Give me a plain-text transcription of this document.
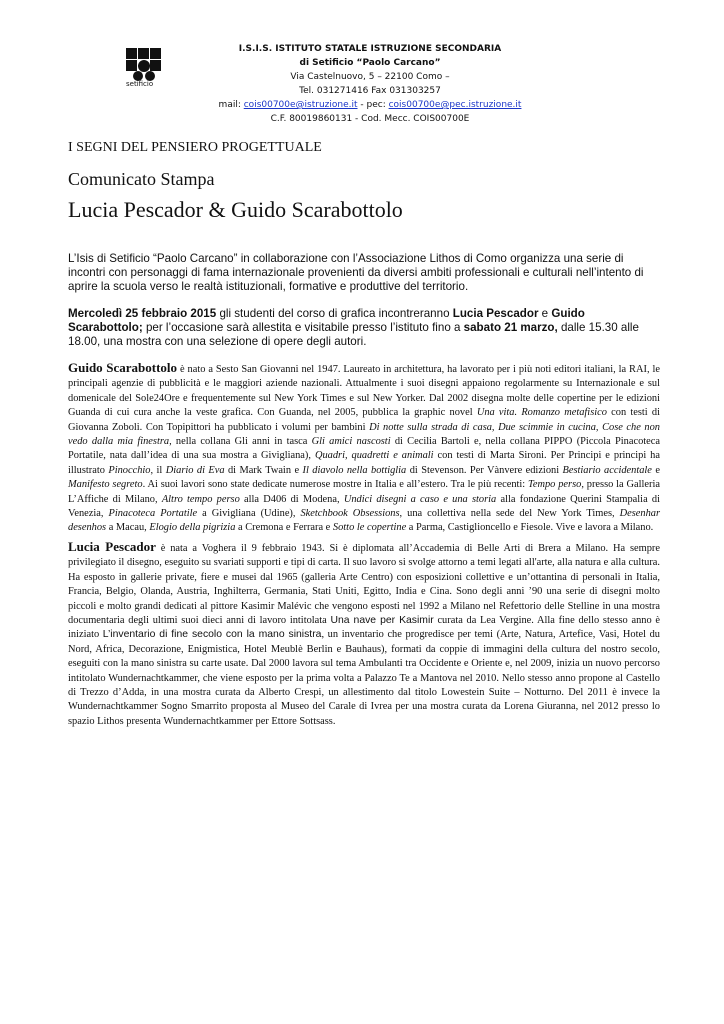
setificio
I.S.I.S. ISTITUTO STATALE ISTRUZIONE SECONDARIA
di Setificio “Paolo Carcano”
Via Castelnuovo, 5 – 22100 Como –
Tel. 031271416 Fax 031303257
mail: cois00700e@istruzione.it - pec: cois00700e@pec.istruzione.it
C.F. 80019860131 - Cod. Mecc. COIS00700E
I SEGNI DEL PENSIERO PROGETTUALE
Comunicato Stampa
Lucia Pescador & Guido Scarabottolo
L’Isis di Setificio “Paolo Carcano” in collaborazione con l’Associazione Lithos di Como organizza una serie di incontri con personaggi di fama internazionale provenienti da diversi ambiti professionali e culturali nell’intento di aprire la scuola verso le realtà istituzionali, formative e produttive del territorio.
Mercoledì 25 febbraio 2015 gli studenti del corso di grafica incontreranno Lucia Pescador e Guido Scarabottolo; per l’occasione sarà allestita e visitabile presso l’istituto fino a sabato 21 marzo, dalle 15.30 alle 18.00, una mostra con una selezione di opere degli autori.
Guido Scarabottolo è nato a Sesto San Giovanni nel 1947. Laureato in architettura, ha lavorato per i più noti editori italiani, la RAI, le principali agenzie di pubblicità e le maggiori aziende nazionali. Attualmente i suoi disegni appaiono regolarmente su Internazionale e sul domenicale del Sole24Ore e frequentemente sul New York Times e sul New Yorker. Dal 2002 disegna molte delle copertine per le edizioni Guanda di cui cura anche la veste grafica. Con Guanda, nel 2005, pubblica la graphic novel Una vita. Romanzo metafisico con testi di Giovanna Zoboli. Con Topipittori ha pubblicato i volumi per bambini Di notte sulla strada di casa, Due scimmie in cucina, Cose che non vedo dalla mia finestra, nella collana Gli anni in tasca Gli amici nascosti di Cecilia Bartoli e, nella collana PIPPO (Piccola Pinacoteca Portatile, nata dall’idea di una sua mostra a Givigliana), Quadri, quadretti e animali con testi di Marta Sironi. Per Principi e principi ha illustrato Pinocchio, il Diario di Eva di Mark Twain e Il diavolo nella bottiglia di Stevenson. Per Vànvere edizioni Bestiario accidentale e Manifesto segreto. Ai suoi lavori sono state dedicate numerose mostre in Italia e all’estero. Tra le più recenti: Tempo perso, presso la Galleria L’Affiche di Milano, Altro tempo perso alla D406 di Modena, Undici disegni a caso e una storia alla fondazione Querini Stampalia di Venezia, Pinacoteca Portatile a Givigliana (Udine), Sketchbook Obsessions, una collettiva nella sede del New York Times, Desenhar desenhos a Macau, Elogio della pigrizia a Cremona e Ferrara e Sotto le copertine a Parma, Castiglioncello e Fiesole. Vive e lavora a Milano.
Lucia Pescador è nata a Voghera il 9 febbraio 1943. Si è diplomata all’Accademia di Belle Arti di Brera a Milano. Ha sempre privilegiato il disegno, eseguito su svariati supporti e tipi di carta. Il suo lavoro si svolge attorno a temi legati all'arte, alla natura e alla cultura. Ha esposto in gallerie private, fiere e musei dal 1965 (galleria Arte Centro) con esposizioni collettive e un’ottantina di personali in Italia, Francia, Belgio, Olanda, Austria, Inghilterra, Germania, Stati Uniti, Egitto, India e Cina. Sono degli anni ’90 una serie di disegni molto piccoli e molto grandi dedicati al pittore Kasimir Malévic che vengono esposti nel 1992 a Milano nel Refettorio delle Stelline in una mostra documentaria degli ultimi suoi dieci anni di lavoro intitolata Una nave per Kasimir curata da Lea Vergine. Alla fine dello stesso anno è iniziato L’inventario di fine secolo con la mano sinistra, un inventario che progredisce per temi (Arte, Natura, Artefice, Vasi, Hotel du Nord, Africa, Decorazione, Enigmistica, Hotel Meublè Berlin e Bauhaus), formati da coppie di immagini della cultura del nostro secolo, eseguiti con la mano sinistra su carte usate. Dal 2000 lavora sul tema Ambulanti tra Occidente e Oriente e, nel 2009, inizia un nuovo percorso intitolato Wundernachtkammer, che viene esposto per la prima volta a Palazzo Te a Mantova nel 2010. Nello stesso anno propone al Castello di Trezzo d’Adda, in una mostra curata da Alberto Crespi, un allestimento dal titolo Lowestein Suite – Notturno. Del 2011 è invece la Wundernachtkammer Sogno Smarrito proposta al Museo del Carale di Ivrea per una mostra curata da Lorena Giuranna, nel 2012 presso lo spazio Lithos presenta Wundernachtkammer per Ettore Sottsass.
